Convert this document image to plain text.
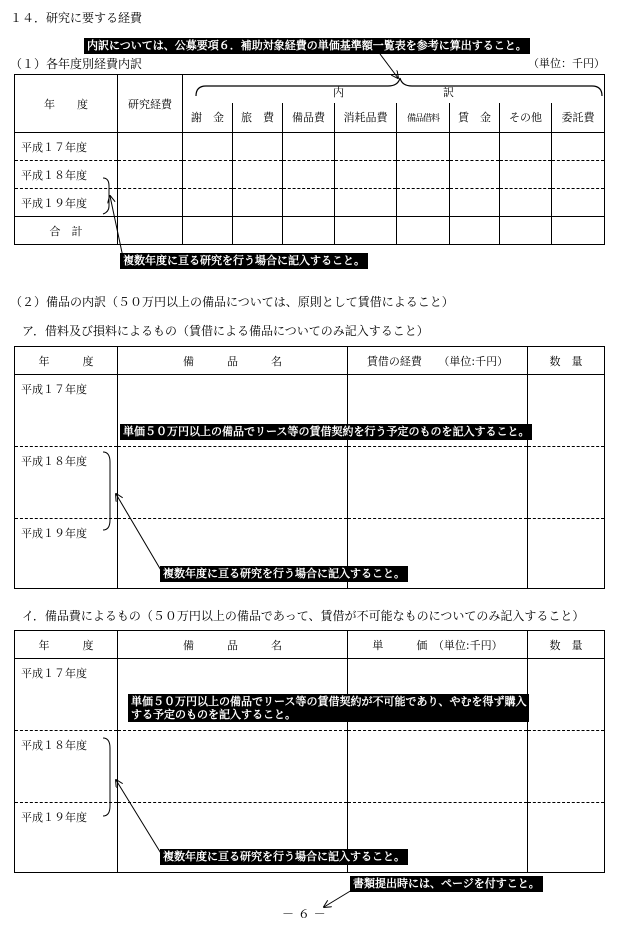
１４．研究に要する経費
内訳については、公募要項６．補助対象経費の単価基準額一覧表を参考に算出すること。
（１）各年度別経費内訳	（単位：千円）
年　　度	研究経費	内　　　　　　　　　訳							
		謝　金	旅　費	備品費	消耗品費	備品借料	賃　金	その他	委託費
平成１７年度									
平成１８年度									
平成１９年度									
合　計									
複数年度に亘る研究を行う場合に記入すること。
（２）備品の内訳（５０万円以上の備品については、原則として賃借によること）
ア．借料及び損料によるもの（賃借による備品についてのみ記入すること）
年　　　度	備　　　品　　　名	賃借の経費　　（単位:千円）	数　量
平成１７年度			
平成１８年度			
平成１９年度			
単価５０万円以上の備品でリース等の賃借契約を行う予定のものを記入すること。
複数年度に亘る研究を行う場合に記入すること。
イ．備品費によるもの（５０万円以上の備品であって、賃借が不可能なものについてのみ記入すること）
年　　　度	備　　　品　　　名	単　　　価　（単位:千円）	数　量
平成１７年度			
平成１８年度			
平成１９年度			
単価５０万円以上の備品でリース等の賃借契約が不可能であり、やむを得ず購入
する予定のものを記入すること。
複数年度に亘る研究を行う場合に記入すること。
書類提出時には、ページを付すこと。
－ ６ －
